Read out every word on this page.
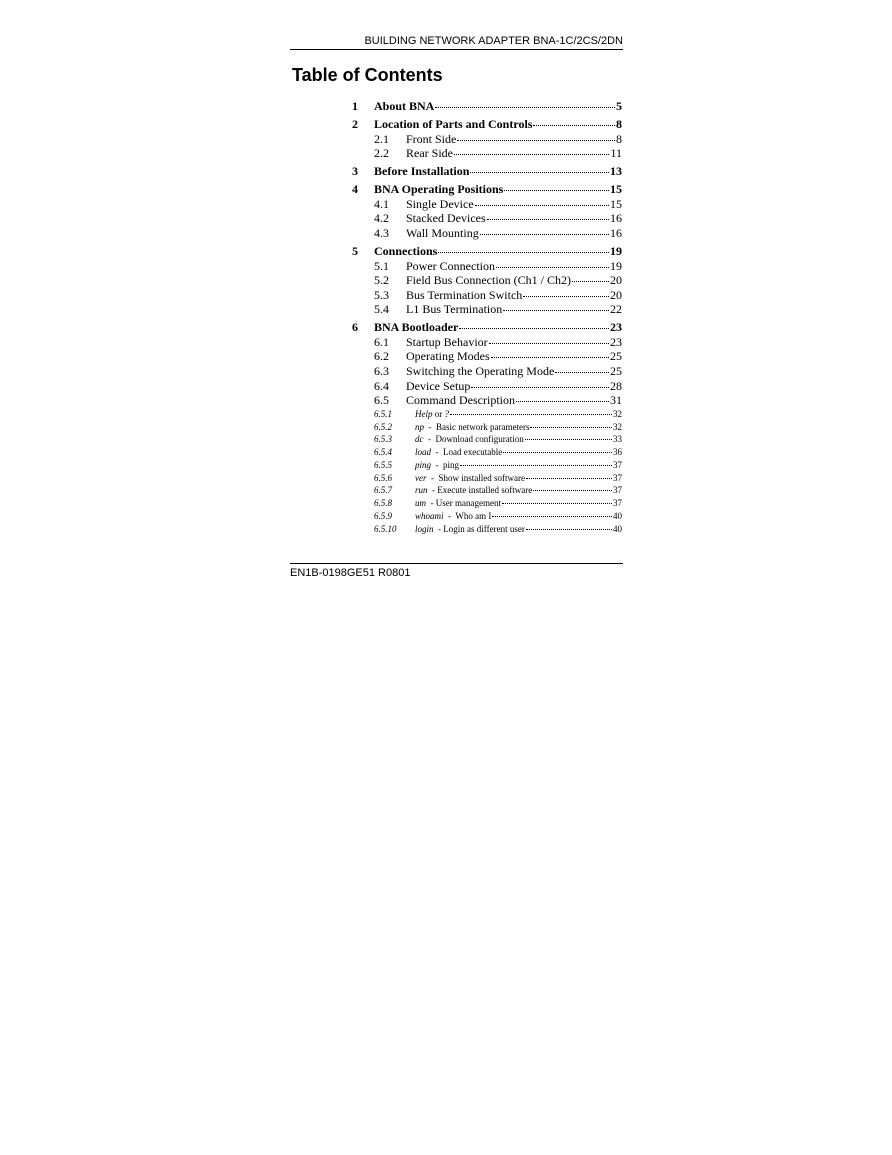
BUILDING NETWORK ADAPTER BNA-1C/2CS/2DN
Table of Contents
1	About BNA	5
2	Location of Parts and Controls	8
2.1	Front Side	8
2.2	Rear Side	11
3	Before Installation	13
4	BNA Operating Positions	15
4.1	Single Device	15
4.2	Stacked Devices	16
4.3	Wall Mounting	16
5	Connections	19
5.1	Power Connection	19
5.2	Field Bus Connection (Ch1 / Ch2)	20
5.3	Bus Termination Switch	20
5.4	L1 Bus Termination	22
6	BNA Bootloader	23
6.1	Startup Behavior	23
6.2	Operating Modes	25
6.3	Switching the Operating Mode	25
6.4	Device Setup	28
6.5	Command Description	31
6.5.1	Help or ?	32
6.5.2	np  -  Basic network parameters	32
6.5.3	dc  -  Download configuration	33
6.5.4	load  -  Load executable	36
6.5.5	ping  -  ping	37
6.5.6	ver  -  Show installed software	37
6.5.7	run  - Execute installed software	37
6.5.8	um  - User management	37
6.5.9	whoami  -  Who am I	40
6.5.10	login  - Login as different user	40
EN1B-0198GE51 R0801
